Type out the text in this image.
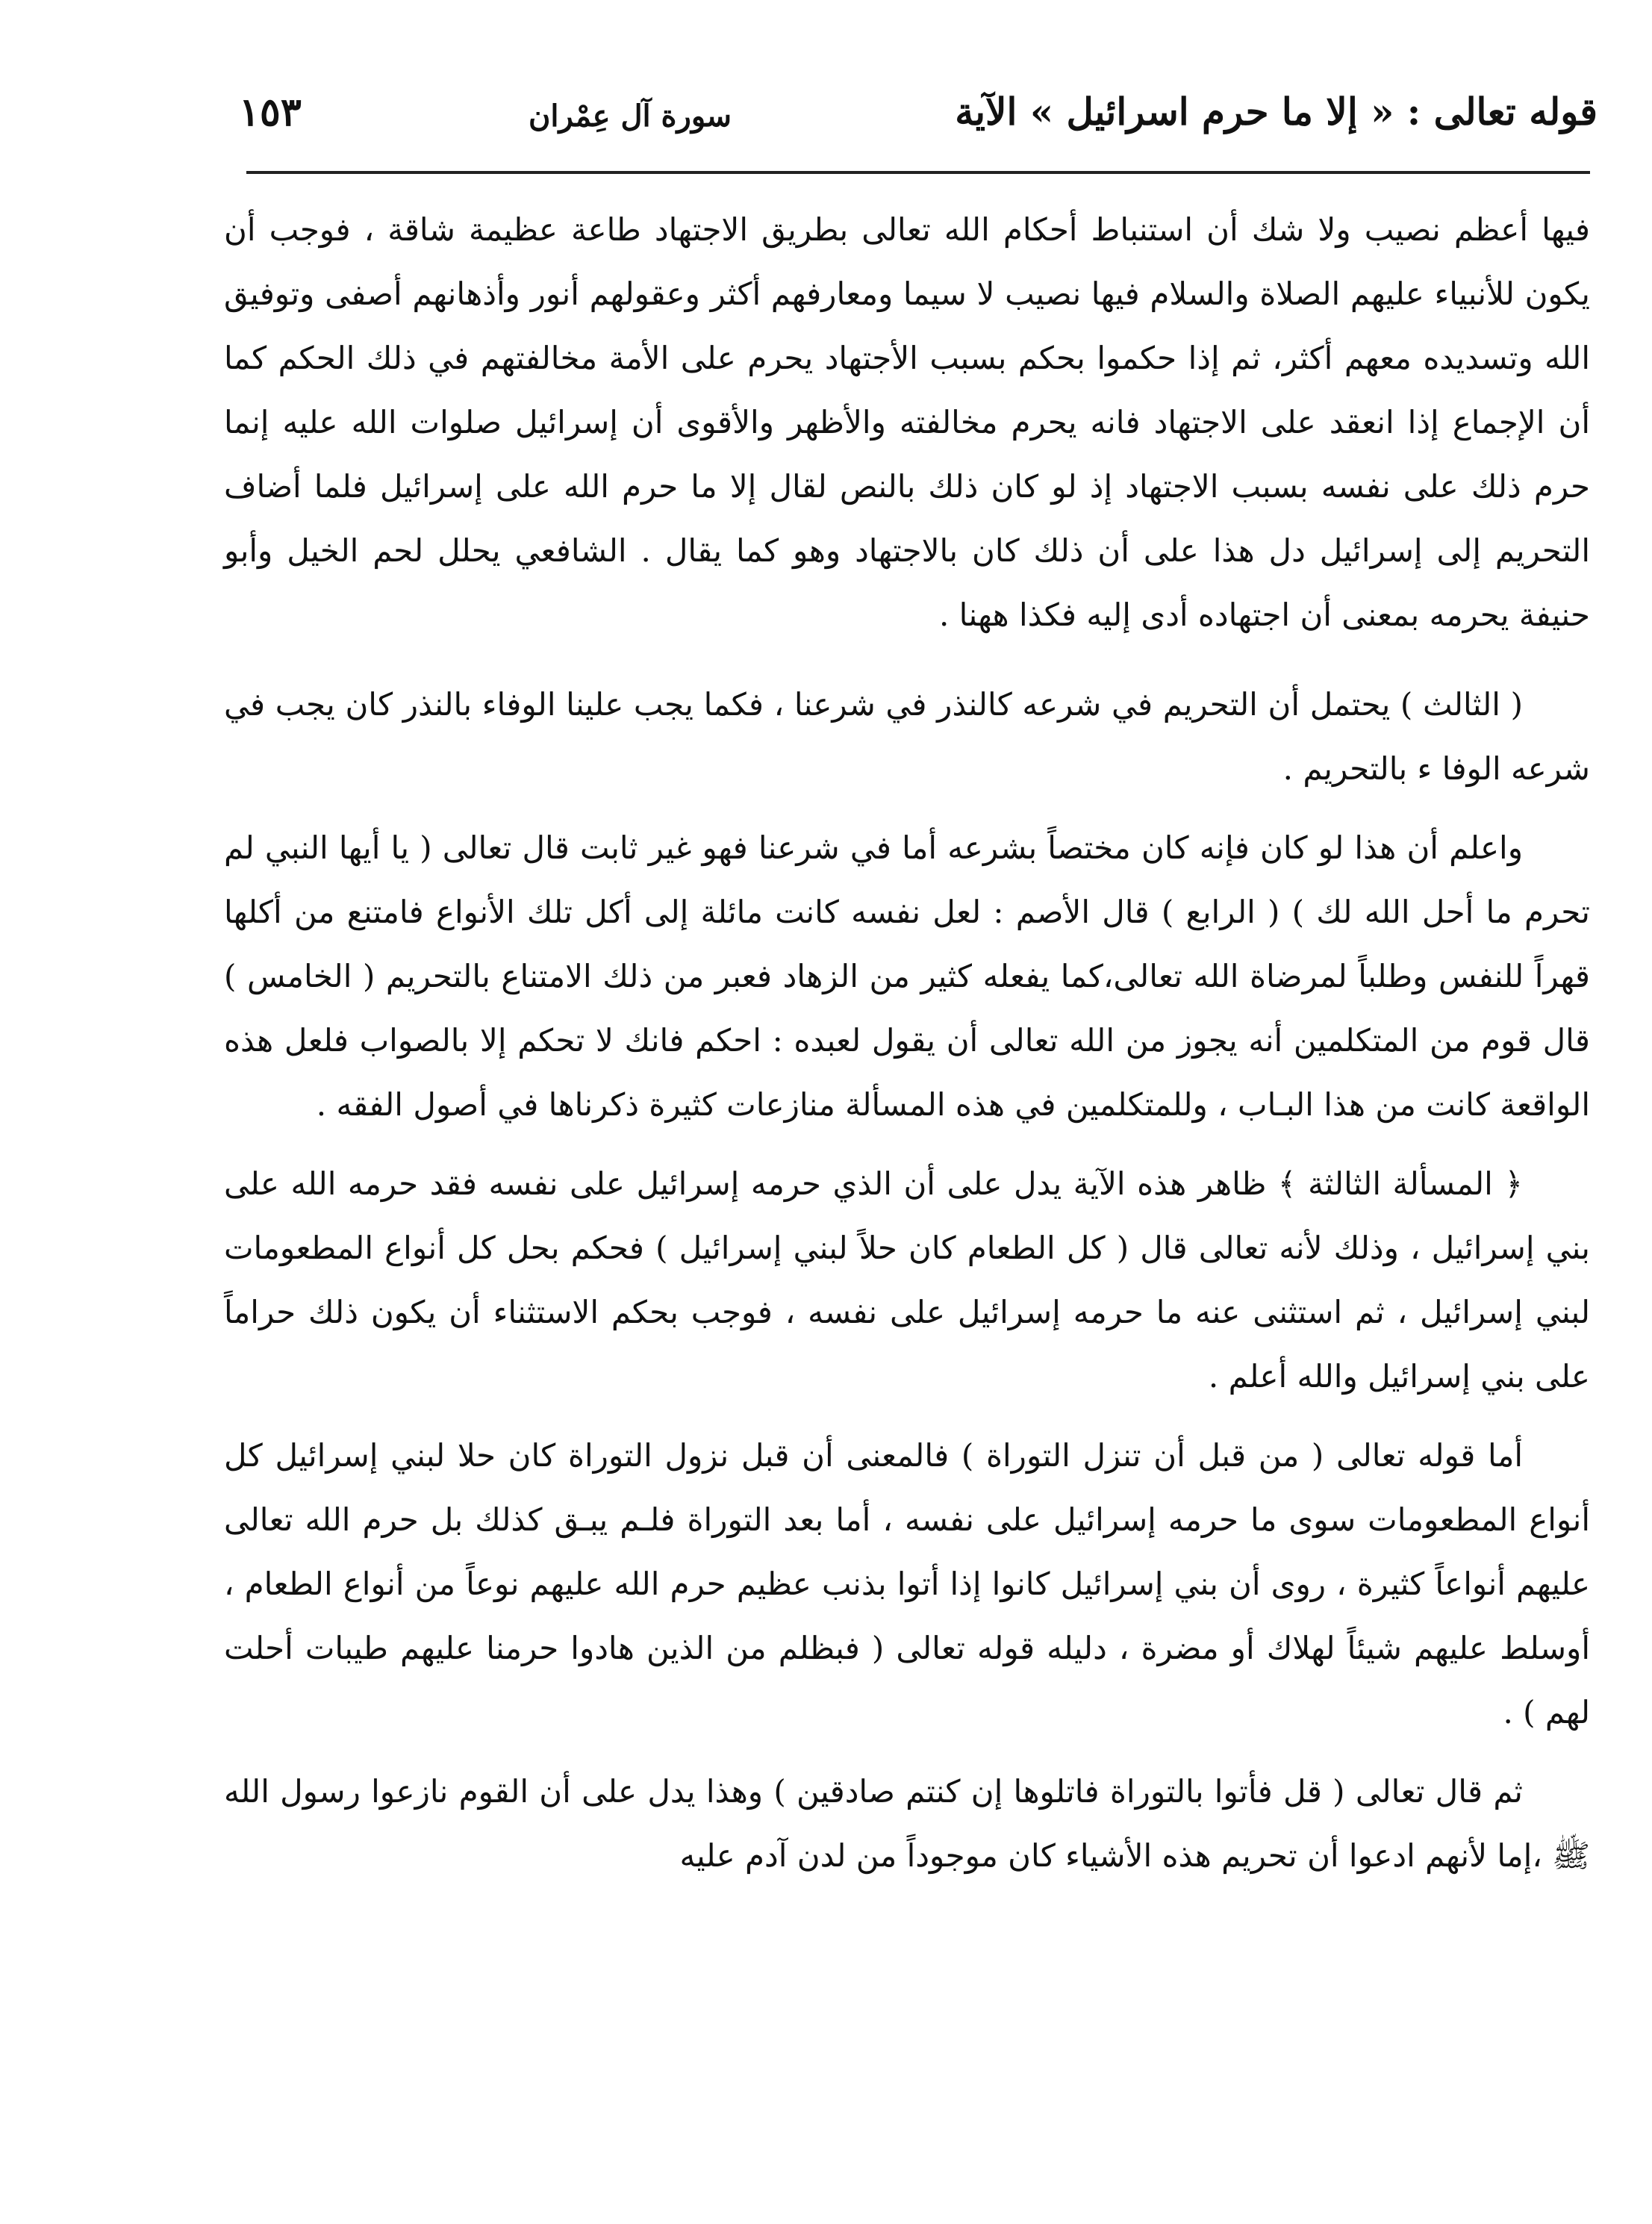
قوله تعالى : « إلا ما حرم اسرائيل » الآية
سورة آل عِمْران
١٥٣

فيها أعظم نصيب ولا شك أن استنباط أحكام الله تعالى بطريق الاجتهاد طاعة عظيمة شاقة ، فوجب أن يكون للأنبياء عليهم الصلاة والسلام فيها نصيب لا سيما ومعارفهم أكثر وعقولهم أنور وأذهانهم أصفى وتوفيق الله وتسديده معهم أكثر، ثم إذا حكموا بحكم بسبب الأجتهاد يحرم على الأمة مخالفتهم في ذلك الحكم كما أن الإجماع إذا انعقد على الاجتهاد فانه يحرم مخالفته والأظهر والأقوى أن إسرائيل صلوات الله عليه إنما حرم ذلك على نفسه بسبب الاجتهاد إذ لو كان ذلك بالنص لقال إلا ما حرم الله على إسرائيل فلما أضاف التحريم إلى إسرائيل دل هذا على أن ذلك كان بالاجتهاد وهو كما يقال . الشافعي يحلل لحم الخيل وأبو حنيفة يحرمه بمعنى أن اجتهاده أدى إليه فكذا ههنا .

( الثالث ) يحتمل أن التحريم في شرعه كالنذر في شرعنا ، فكما يجب علينا الوفاء بالنذر كان يجب في شرعه الوفا ء بالتحريم .

واعلم أن هذا لو كان فإنه كان مختصاً بشرعه أما في شرعنا فهو غير ثابت قال تعالى ( يا أيها النبي لم تحرم ما أحل الله لك ) ( الرابع ) قال الأصم : لعل نفسه كانت مائلة إلى أكل تلك الأنواع فامتنع من أكلها قهراً للنفس وطلباً لمرضاة الله تعالى،كما يفعله كثير من الزهاد فعبر من ذلك الامتناع بالتحريم ( الخامس ) قال قوم من المتكلمين أنه يجوز من الله تعالى أن يقول لعبده : احكم فانك لا تحكم إلا بالصواب فلعل هذه الواقعة كانت من هذا البـاب ، وللمتكلمين في هذه المسألة منازعات كثيرة ذكرناها في أصول الفقه .

﴿ المسألة الثالثة ﴾ ظاهر هذه الآية يدل على أن الذي حرمه إسرائيل على نفسه فقد حرمه الله على بني إسرائيل ، وذلك لأنه تعالى قال ( كل الطعام كان حلاً لبني إسرائيل ) فحكم بحل كل أنواع المطعومات لبني إسرائيل ، ثم استثنى عنه ما حرمه إسرائيل على نفسه ، فوجب بحكم الاستثناء أن يكون ذلك حراماً على بني إسرائيل والله أعلم .

أما قوله تعالى ( من قبل أن تنزل التوراة ) فالمعنى أن قبل نزول التوراة كان حلا لبني إسرائيل كل أنواع المطعومات سوى ما حرمه إسرائيل على نفسه ، أما بعد التوراة فلـم يبـق كذلك بل حرم الله تعالى عليهم أنواعاً كثيرة ، روى أن بني إسرائيل كانوا إذا أتوا بذنب عظيم حرم الله عليهم نوعاً من أنواع الطعام ، أوسلط عليهم شيئاً لهلاك أو مضرة ، دليله قوله تعالى ( فبظلم من الذين هادوا حرمنا عليهم طيبات أحلت لهم ) .

ثم قال تعالى ( قل فأتوا بالتوراة فاتلوها إن كنتم صادقين ) وهذا يدل على أن القوم نازعوا رسول الله ﷺ ،إما لأنهم ادعوا أن تحريم هذه الأشياء كان موجوداً من لدن آدم عليه
